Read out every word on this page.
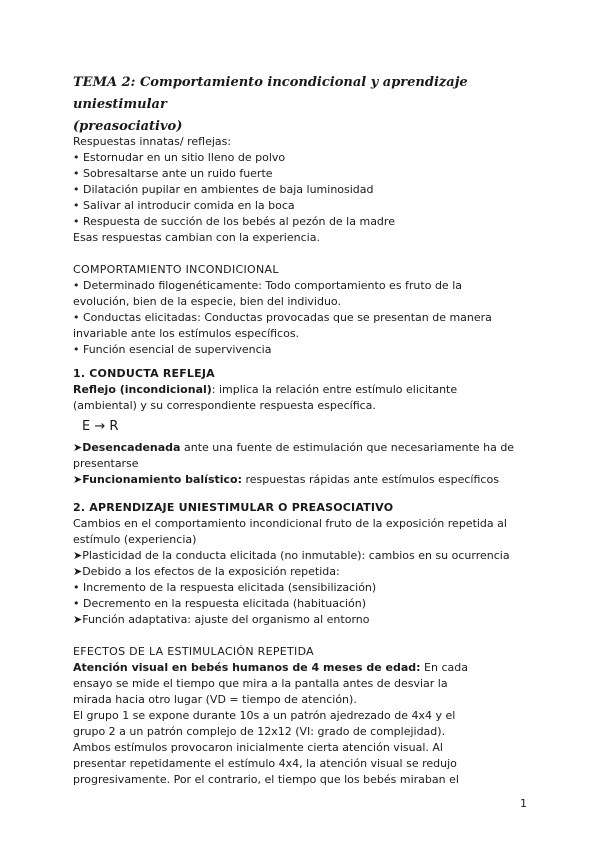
TEMA 2: Comportamiento incondicional y aprendizaje uniestimular
(preasociativo)
Respuestas innatas/ reflejas:
• Estornudar en un sitio lleno de polvo
• Sobresaltarse ante un ruido fuerte
• Dilatación pupilar en ambientes de baja luminosidad
• Salivar al introducir comida en la boca
• Respuesta de succión de los bebés al pezón de la madre
Esas respuestas cambian con la experiencia.
COMPORTAMIENTO INCONDICIONAL
• Determinado filogenéticamente: Todo comportamiento es fruto de la
evolución, bien de la especie, bien del individuo.
• Conductas elicitadas: Conductas provocadas que se presentan de manera
invariable ante los estímulos específicos.
• Función esencial de supervivencia
1. CONDUCTA REFLEJA
Reflejo (incondicional): implica la relación entre estímulo elicitante
(ambiental) y su correspondiente respuesta específica.
E → R
➤Desencadenada ante una fuente de estimulación que necesariamente ha de
presentarse
➤Funcionamiento balístico: respuestas rápidas ante estímulos específicos
2. APRENDIZAJE UNIESTIMULAR O PREASOCIATIVO
Cambios en el comportamiento incondicional fruto de la exposición repetida al
estímulo (experiencia)
➤Plasticidad de la conducta elicitada (no inmutable): cambios en su ocurrencia
➤Debido a los efectos de la exposición repetida:
• Incremento de la respuesta elicitada (sensibilización)
• Decremento en la respuesta elicitada (habituación)
➤Función adaptativa: ajuste del organismo al entorno
EFECTOS DE LA ESTIMULACIÓN REPETIDA
Atención visual en bebés humanos de 4 meses de edad: En cada
ensayo se mide el tiempo que mira a la pantalla antes de desviar la
mirada hacia otro lugar (VD = tiempo de atención).
El grupo 1 se expone durante 10s a un patrón ajedrezado de 4x4 y el
grupo 2 a un patrón complejo de 12x12 (VI: grado de complejidad).
Ambos estímulos provocaron inicialmente cierta atención visual. Al
presentar repetidamente el estímulo 4x4, la atención visual se redujo
progresivamente. Por el contrario, el tiempo que los bebés miraban el
1
